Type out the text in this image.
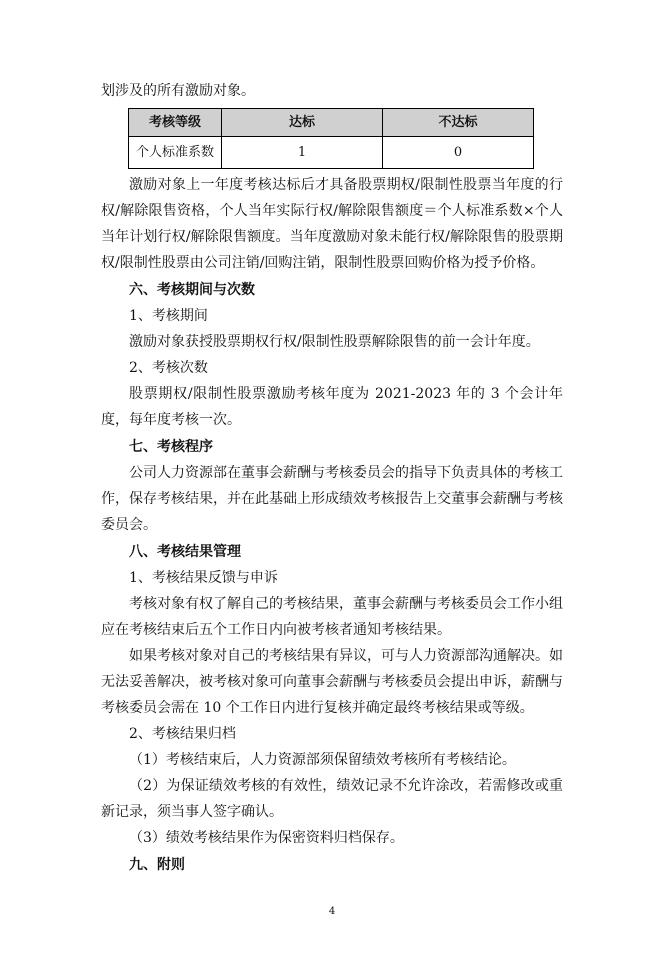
划涉及的所有激励对象。

考核等级	达标	不达标
个人标准系数	1	0

激励对象上一年度考核达标后才具备股票期权/限制性股票当年度的行权/解除限售资格，个人当年实际行权/解除限售额度＝个人标准系数×个人当年计划行权/解除限售额度。当年度激励对象未能行权/解除限售的股票期权/限制性股票由公司注销/回购注销，限制性股票回购价格为授予价格。

六、考核期间与次数

1、考核期间

激励对象获授股票期权行权/限制性股票解除限售的前一会计年度。

2、考核次数

股票期权/限制性股票激励考核年度为 2021-2023 年的 3 个会计年度，每年度考核一次。

七、考核程序

公司人力资源部在董事会薪酬与考核委员会的指导下负责具体的考核工作，保存考核结果，并在此基础上形成绩效考核报告上交董事会薪酬与考核委员会。

八、考核结果管理

1、考核结果反馈与申诉

考核对象有权了解自己的考核结果，董事会薪酬与考核委员会工作小组应在考核结束后五个工作日内向被考核者通知考核结果。

如果考核对象对自己的考核结果有异议，可与人力资源部沟通解决。如无法妥善解决，被考核对象可向董事会薪酬与考核委员会提出申诉，薪酬与考核委员会需在 10 个工作日内进行复核并确定最终考核结果或等级。

2、考核结果归档

（1）考核结束后，人力资源部须保留绩效考核所有考核结论。

（2）为保证绩效考核的有效性，绩效记录不允许涂改，若需修改或重新记录，须当事人签字确认。

（3）绩效考核结果作为保密资料归档保存。

九、附则

4
